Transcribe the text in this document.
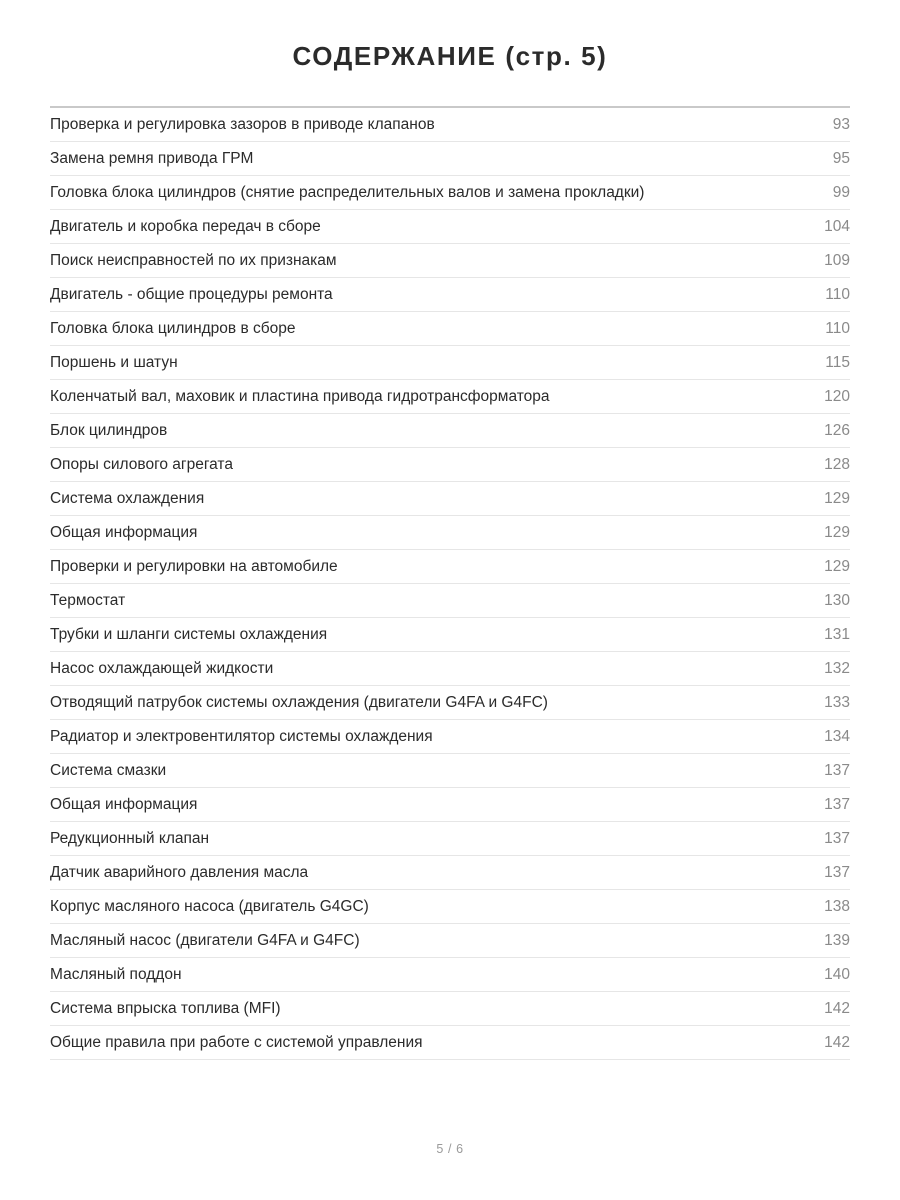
СОДЕРЖАНИЕ (стр. 5)
Проверка и регулировка зазоров в приводе клапанов	93
Замена ремня привода ГРМ	95
Головка блока цилиндров (снятие распределительных валов и замена прокладки)	99
Двигатель и коробка передач в сборе	104
Поиск неисправностей по их признакам	109
Двигатель - общие процедуры ремонта	110
Головка блока цилиндров в сборе	110
Поршень и шатун	115
Коленчатый вал, маховик и пластина привода гидротрансформатора	120
Блок цилиндров	126
Опоры силового агрегата	128
Система охлаждения	129
Общая информация	129
Проверки и регулировки на автомобиле	129
Термостат	130
Трубки и шланги системы охлаждения	131
Насос охлаждающей жидкости	132
Отводящий патрубок системы охлаждения (двигатели G4FA и G4FC)	133
Радиатор и электровентилятор системы охлаждения	134
Система смазки	137
Общая информация	137
Редукционный клапан	137
Датчик аварийного давления масла	137
Корпус масляного насоса (двигатель G4GC)	138
Масляный насос (двигатели G4FA и G4FC)	139
Масляный поддон	140
Система впрыска топлива (MFI)	142
Общие правила при работе с системой управления	142
5 / 6
